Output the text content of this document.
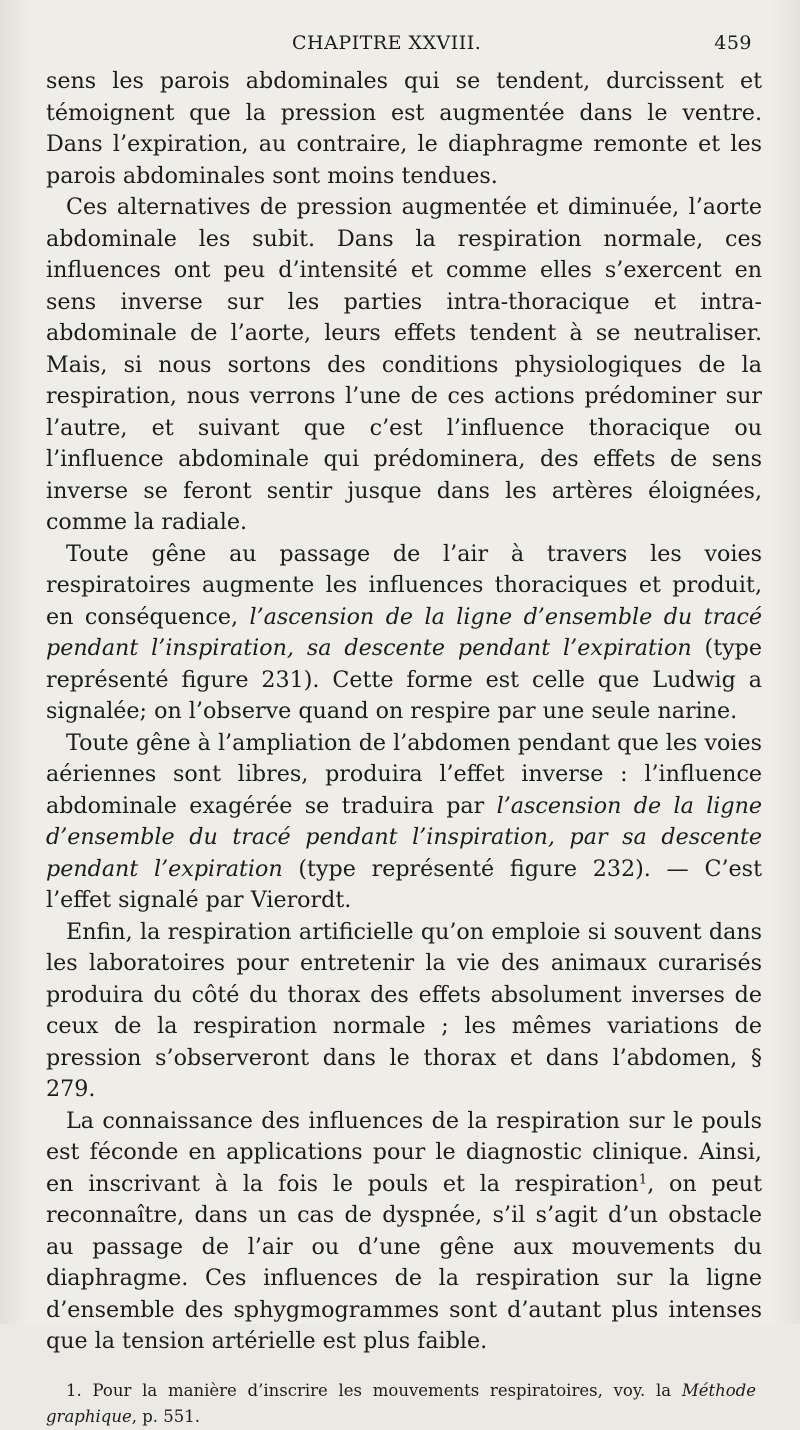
CHAPITRE XXVIII.	459

sens les parois abdominales qui se tendent, durcissent et témoignent que la pression est augmentée dans le ventre. Dans l’expiration, au contraire, le diaphragme remonte et les parois abdominales sont moins tendues.

Ces alternatives de pression augmentée et diminuée, l’aorte abdominale les subit. Dans la respiration normale, ces influences ont peu d’intensité et comme elles s’exercent en sens inverse sur les parties intra-thoracique et intra-abdominale de l’aorte, leurs effets tendent à se neutraliser. Mais, si nous sortons des conditions physiologiques de la respiration, nous verrons l’une de ces actions prédominer sur l’autre, et suivant que c’est l’influence thoracique ou l’influence abdominale qui prédominera, des effets de sens inverse se feront sentir jusque dans les artères éloignées, comme la radiale.

Toute gêne au passage de l’air à travers les voies respiratoires augmente les influences thoraciques et produit, en conséquence, l’ascension de la ligne d’ensemble du tracé pendant l’inspiration, sa descente pendant l’expiration (type représenté figure 231). Cette forme est celle que Ludwig a signalée; on l’observe quand on respire par une seule narine.

Toute gêne à l’ampliation de l’abdomen pendant que les voies aériennes sont libres, produira l’effet inverse : l’influence abdominale exagérée se traduira par l’ascension de la ligne d’ensemble du tracé pendant l’inspiration, par sa descente pendant l’expiration (type représenté figure 232). — C’est l’effet signalé par Vierordt.

Enfin, la respiration artificielle qu’on emploie si souvent dans les laboratoires pour entretenir la vie des animaux curarisés produira du côté du thorax des effets absolument inverses de ceux de la respiration normale ; les mêmes variations de pression s’observeront dans le thorax et dans l’abdomen, § 279.

La connaissance des influences de la respiration sur le pouls est féconde en applications pour le diagnostic clinique. Ainsi, en inscrivant à la fois le pouls et la respiration$^1$, on peut reconnaître, dans un cas de dyspnée, s’il s’agit d’un obstacle au passage de l’air ou d’une gêne aux mouvements du diaphragme. Ces influences de la respiration sur la ligne d’ensemble des sphygmogrammes sont d’autant plus intenses que la tension artérielle est plus faible.

1. Pour la manière d’inscrire les mouvements respiratoires, voy. la Méthode graphique, p. 551.
